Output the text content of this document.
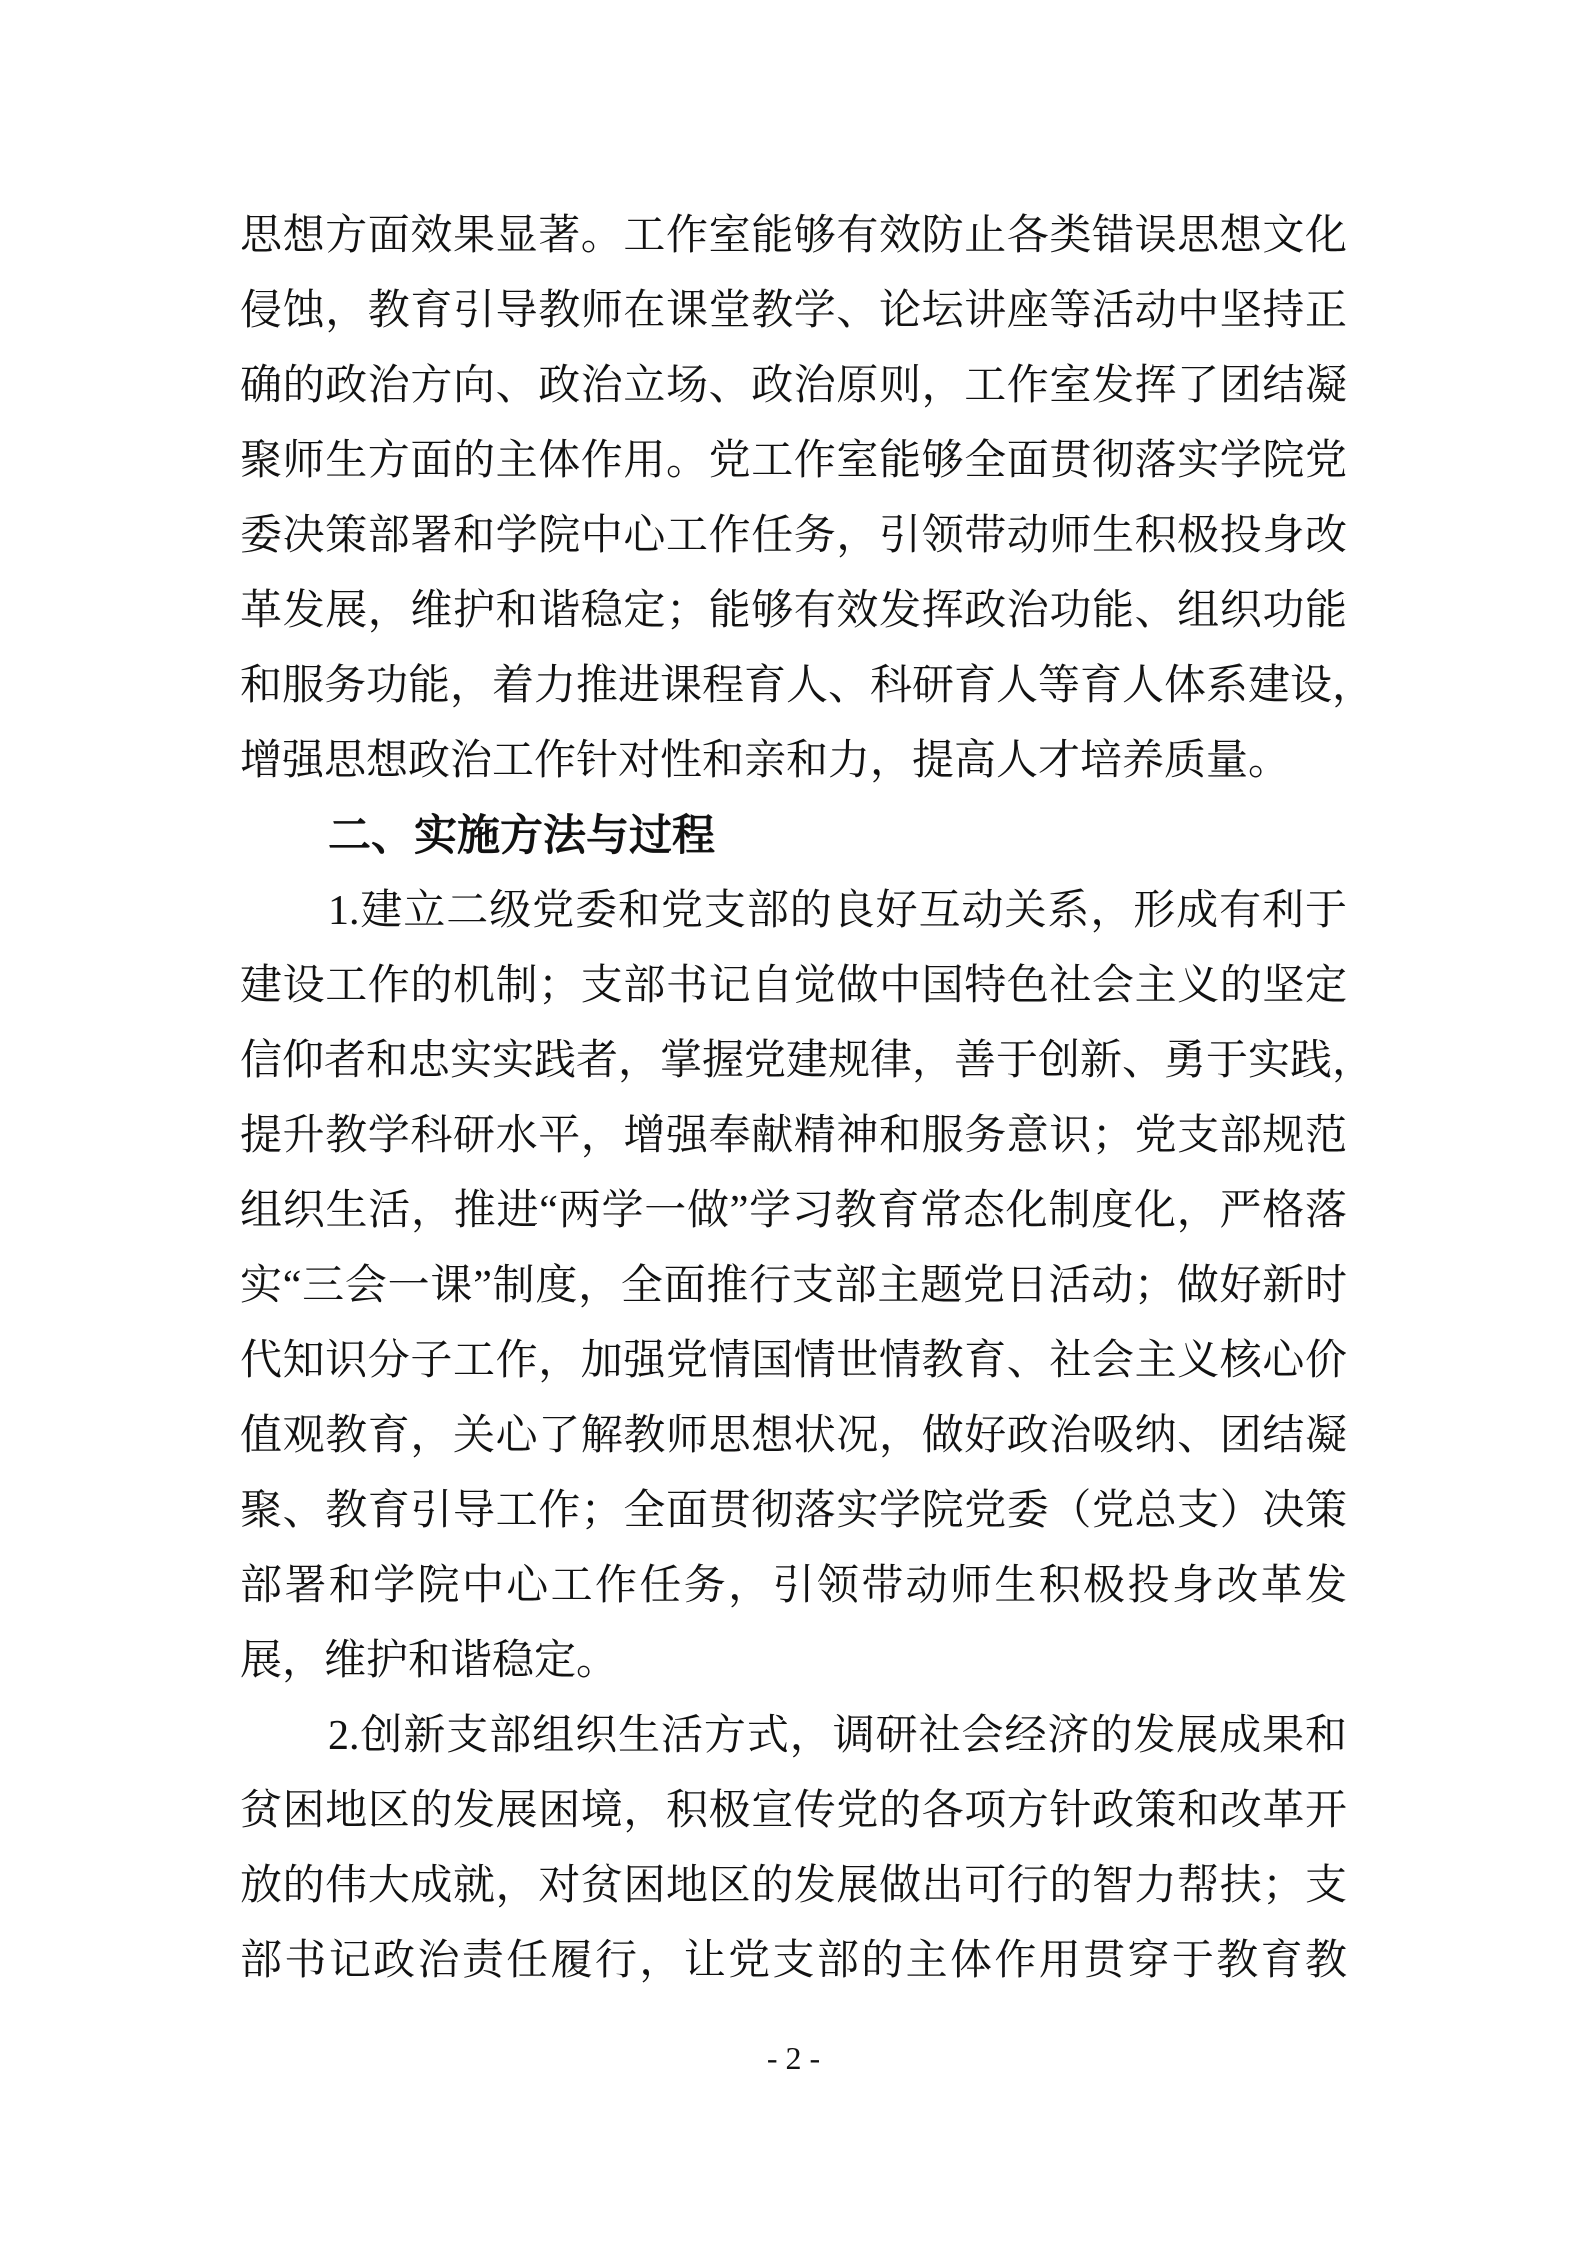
思想方面效果显著。工作室能够有效防止各类错误思想文化
侵蚀，教育引导教师在课堂教学、论坛讲座等活动中坚持正
确的政治方向、政治立场、政治原则，工作室发挥了团结凝
聚师生方面的主体作用。党工作室能够全面贯彻落实学院党
委决策部署和学院中心工作任务，引领带动师生积极投身改
革发展，维护和谐稳定；能够有效发挥政治功能、组织功能
和服务功能，着力推进课程育人、科研育人等育人体系建设，
增强思想政治工作针对性和亲和力，提高人才培养质量。
二、实施方法与过程
1.建立二级党委和党支部的良好互动关系，形成有利于
建设工作的机制；支部书记自觉做中国特色社会主义的坚定
信仰者和忠实实践者，掌握党建规律，善于创新、勇于实践，
提升教学科研水平，增强奉献精神和服务意识；党支部规范
组织生活，推进“两学一做”学习教育常态化制度化，严格落
实“三会一课”制度，全面推行支部主题党日活动；做好新时
代知识分子工作，加强党情国情世情教育、社会主义核心价
值观教育，关心了解教师思想状况，做好政治吸纳、团结凝
聚、教育引导工作；全面贯彻落实学院党委（党总支）决策
部署和学院中心工作任务，引领带动师生积极投身改革发
展，维护和谐稳定。
2.创新支部组织生活方式，调研社会经济的发展成果和
贫困地区的发展困境，积极宣传党的各项方针政策和改革开
放的伟大成就，对贫困地区的发展做出可行的智力帮扶；支
部书记政治责任履行，让党支部的主体作用贯穿于教育教
- 2 -
